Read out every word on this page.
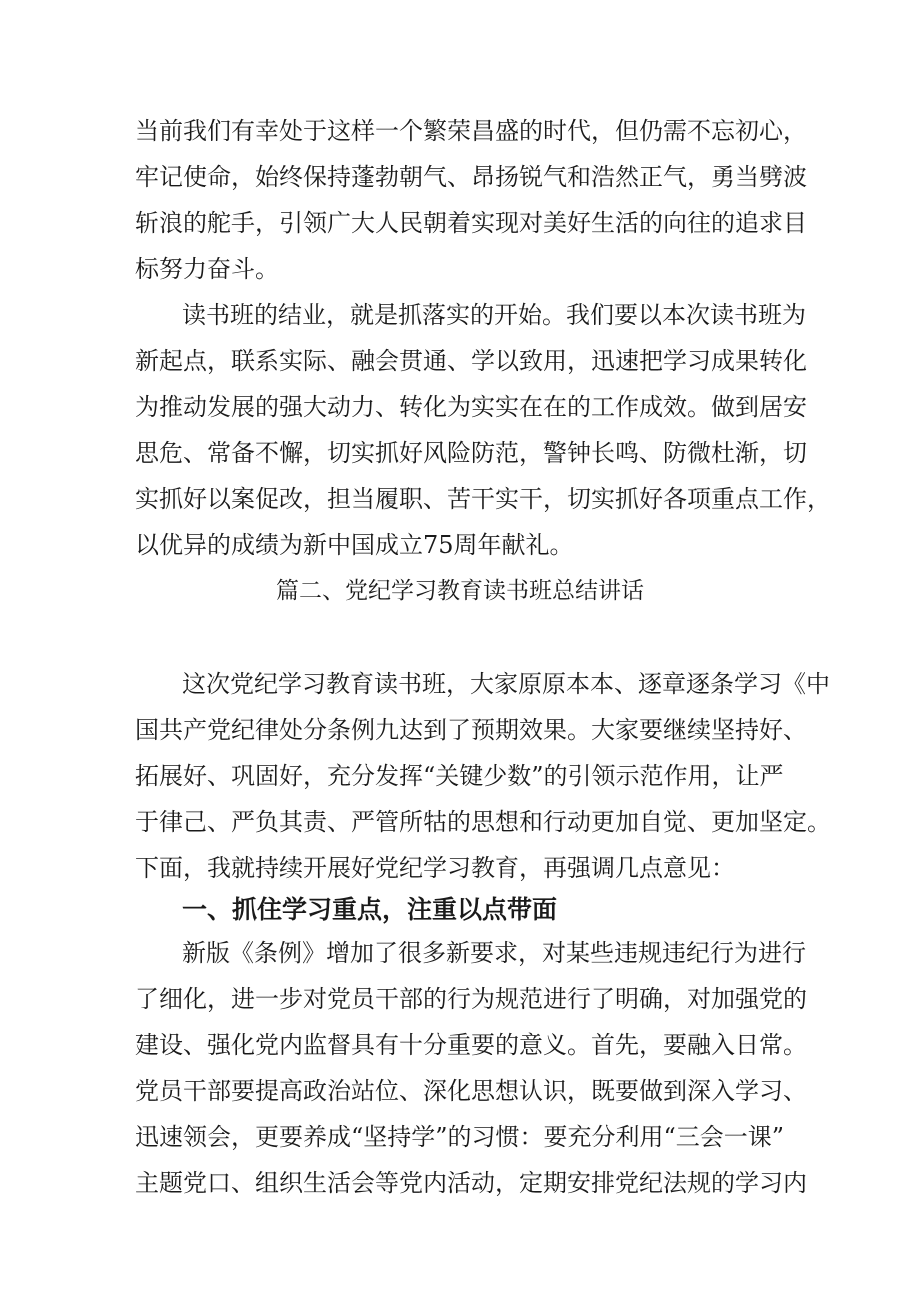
当前我们有幸处于这样一个繁荣昌盛的时代，但仍需不忘初心，
牢记使命，始终保持蓬勃朝气、昂扬锐气和浩然正气，勇当劈波
斩浪的舵手，引领广大人民朝着实现对美好生活的向往的追求目
标努力奋斗。
读书班的结业，就是抓落实的开始。我们要以本次读书班为
新起点，联系实际、融会贯通、学以致用，迅速把学习成果转化
为推动发展的强大动力、转化为实实在在的工作成效。做到居安
思危、常备不懈，切实抓好风险防范，警钟长鸣、防微杜渐，切
实抓好以案促改，担当履职、苦干实干，切实抓好各项重点工作，
以优异的成绩为新中国成立75周年献礼。
篇二、党纪学习教育读书班总结讲话
这次党纪学习教育读书班，大家原原本本、逐章逐条学习《中
国共产党纪律处分条例九达到了预期效果。大家要继续坚持好、
拓展好、巩固好，充分发挥“关键少数”的引领示范作用，让严
于律己、严负其责、严管所牯的思想和行动更加自觉、更加坚定。
下面，我就持续开展好党纪学习教育，再强调几点意见：
一、抓住学习重点，注重以点带面
新版《条例》增加了很多新要求，对某些违规违纪行为进行
了细化，进一步对党员干部的行为规范进行了明确，对加强党的
建设、强化党内监督具有十分重要的意义。首先，要融入日常。
党员干部要提高政治站位、深化思想认识，既要做到深入学习、
迅速领会，更要养成“坚持学”的习惯：要充分利用“三会一课”
主题党口、组织生活会等党内活动，定期安排党纪法规的学习内
